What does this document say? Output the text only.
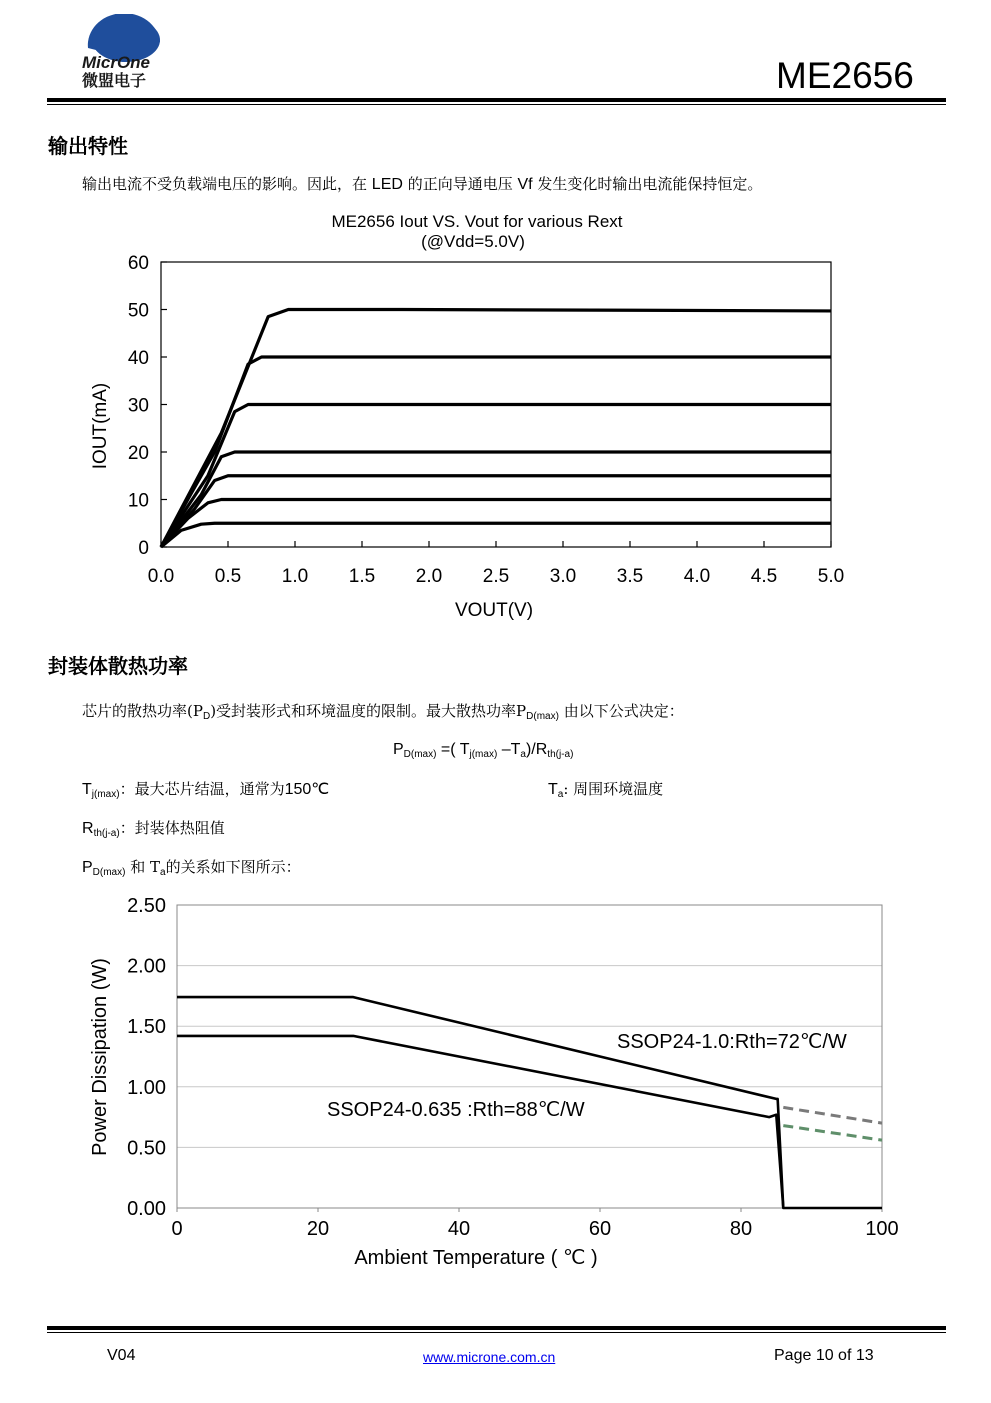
MicrOne
微盟电子	ME2656
输出特性
输出电流不受负载端电压的影响。因此，在 LED 的正向导通电压 Vf 发生变化时输出电流能保持恒定。
ME2656 Iout VS. Vout for various Rext
(@Vdd=5.0V)
0
10
20
30
40
50
60
0.0 0.5 1.0 1.5 2.0 2.5 3.0 3.5 4.0 4.5 5.0
VOUT(V)
IOUT(mA)
封装体散热功率
芯片的散热功率$(P_D)$受封装形式和环境温度的限制。最大散热功率$P_{D(max)}$ 由以下公式决定：
$P_{D(max)}$ =( $T_{j(max)}$ $-T_a)/R_{th(j-a)}$
$T_{j(max)}$：最大芯片结温，通常为150℃	$T_a$: 周围环境温度
$R_{th(j-a)}$：封装体热阻值
$P_{D(max)}$ 和 $T_a$的关系如下图所示：
0.00
0.50
1.00
1.50
2.00
2.50
0	20	40	60	80	100
SSOP24-1.0:Rth=72℃/W
SSOP24-0.635 :Rth=88℃/W
Ambient Temperature ( ℃ )
Power Dissipation (W)
V04	www.microne.com.cn	Page 10 of 13
